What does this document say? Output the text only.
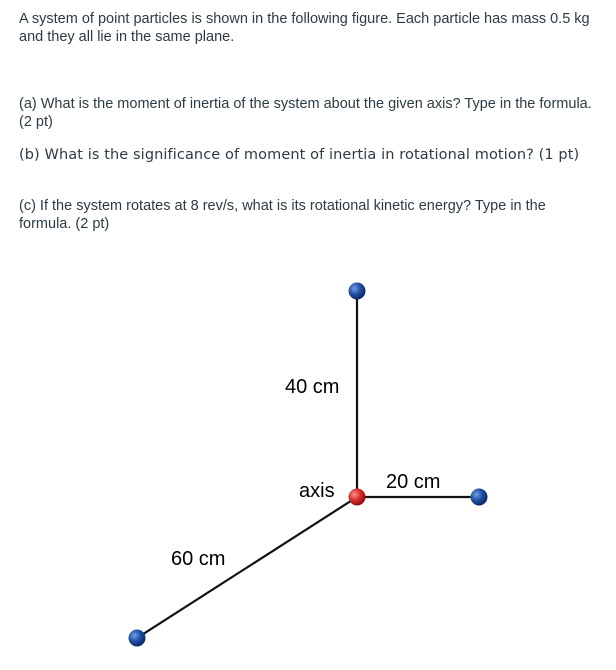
A system of point particles is shown in the following figure. Each particle has mass 0.5 kg and they all lie in the same plane.

(a) What is the moment of inertia of the system about the given axis? Type in the formula. (2 pt)

(b) What is the significance of moment of inertia in rotational motion? (1 pt)

(c) If the system rotates at 8 rev/s, what is its rotational kinetic energy? Type in the formula. (2 pt)

40 cm
20 cm
axis
60 cm
